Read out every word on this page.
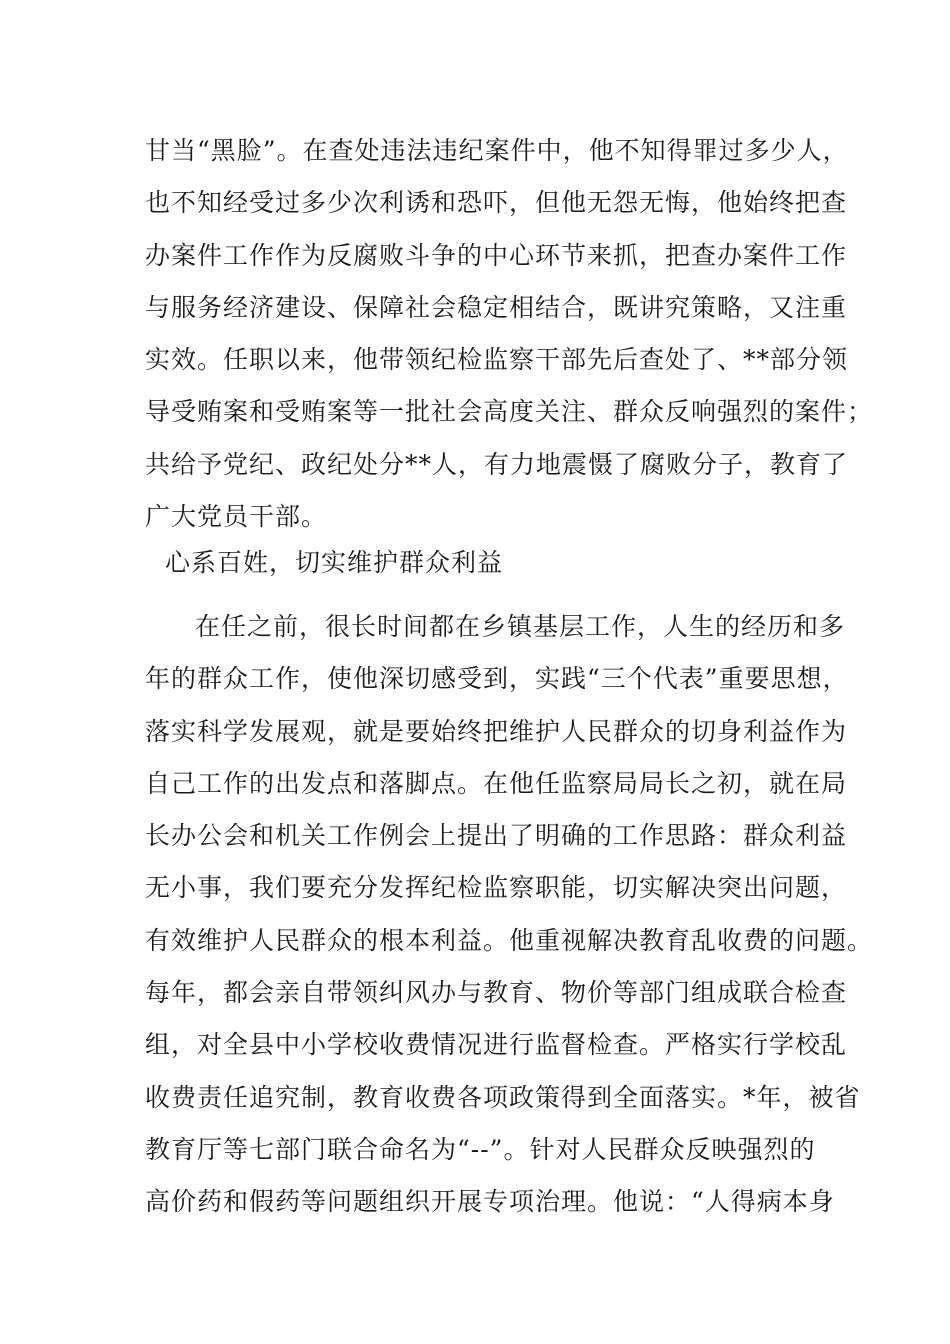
甘当“黑脸”。在查处违法违纪案件中，他不知得罪过多少人，
也不知经受过多少次利诱和恐吓，但他无怨无悔，他始终把查
办案件工作作为反腐败斗争的中心环节来抓，把查办案件工作
与服务经济建设、保障社会稳定相结合，既讲究策略，又注重
实效。任职以来，他带领纪检监察干部先后查处了、**部分领
导受贿案和受贿案等一批社会高度关注、群众反响强烈的案件；
共给予党纪、政纪处分**人，有力地震慑了腐败分子，教育了
广大党员干部。
心系百姓，切实维护群众利益
在任之前，很长时间都在乡镇基层工作，人生的经历和多
年的群众工作，使他深切感受到，实践“三个代表”重要思想，
落实科学发展观，就是要始终把维护人民群众的切身利益作为
自己工作的出发点和落脚点。在他任监察局局长之初，就在局
长办公会和机关工作例会上提出了明确的工作思路：群众利益
无小事，我们要充分发挥纪检监察职能，切实解决突出问题，
有效维护人民群众的根本利益。他重视解决教育乱收费的问题。
每年，都会亲自带领纠风办与教育、物价等部门组成联合检查
组，对全县中小学校收费情况进行监督检查。严格实行学校乱
收费责任追究制，教育收费各项政策得到全面落实。*年，被省
教育厅等七部门联合命名为“--”。针对人民群众反映强烈的
高价药和假药等问题组织开展专项治理。他说：“人得病本身
